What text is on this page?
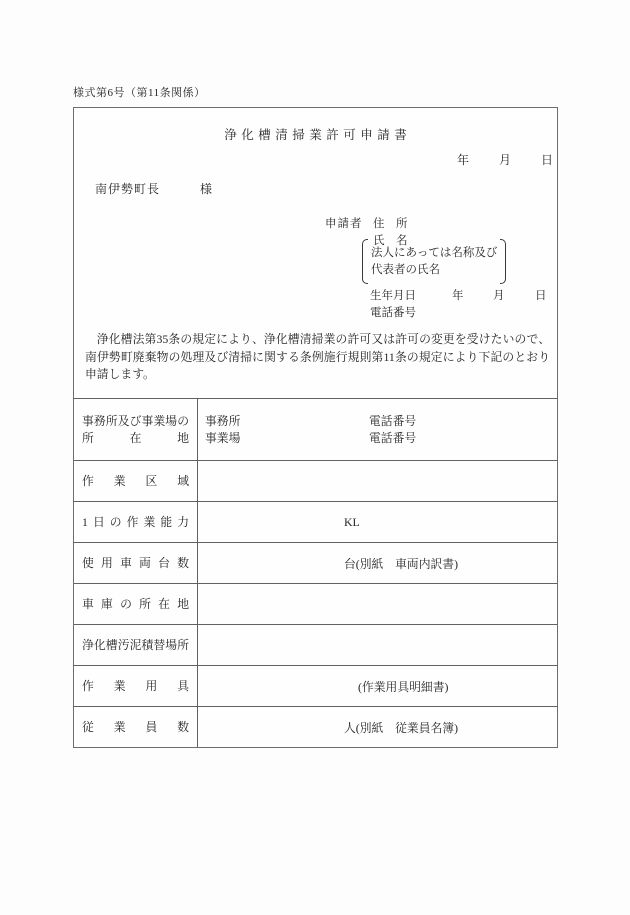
様式第6号（第11条関係）
浄化槽清掃業許可申請書
年	月	日
南伊勢町長	様
申請者 住　所
氏　名
法人にあっては名称及び
代表者の氏名
生年月日	年	月	日
電話番号
浄化槽法第35条の規定により、浄化槽清掃業の許可又は許可の変更を受けたいので、南伊勢町廃棄物の処理及び清掃に関する条例施行規則第11条の規定により下記のとおり申請します。
事務所及び事業場の
所在地
事務所	電話番号
事業場	電話番号
作業区域
1日の作業能力	KL
使用車両台数	台(別紙　車両内訳書)
車庫の所在地
浄化槽汚泥積替場所
作業用具	(作業用具明細書)
従業員数	人(別紙　従業員名簿)
